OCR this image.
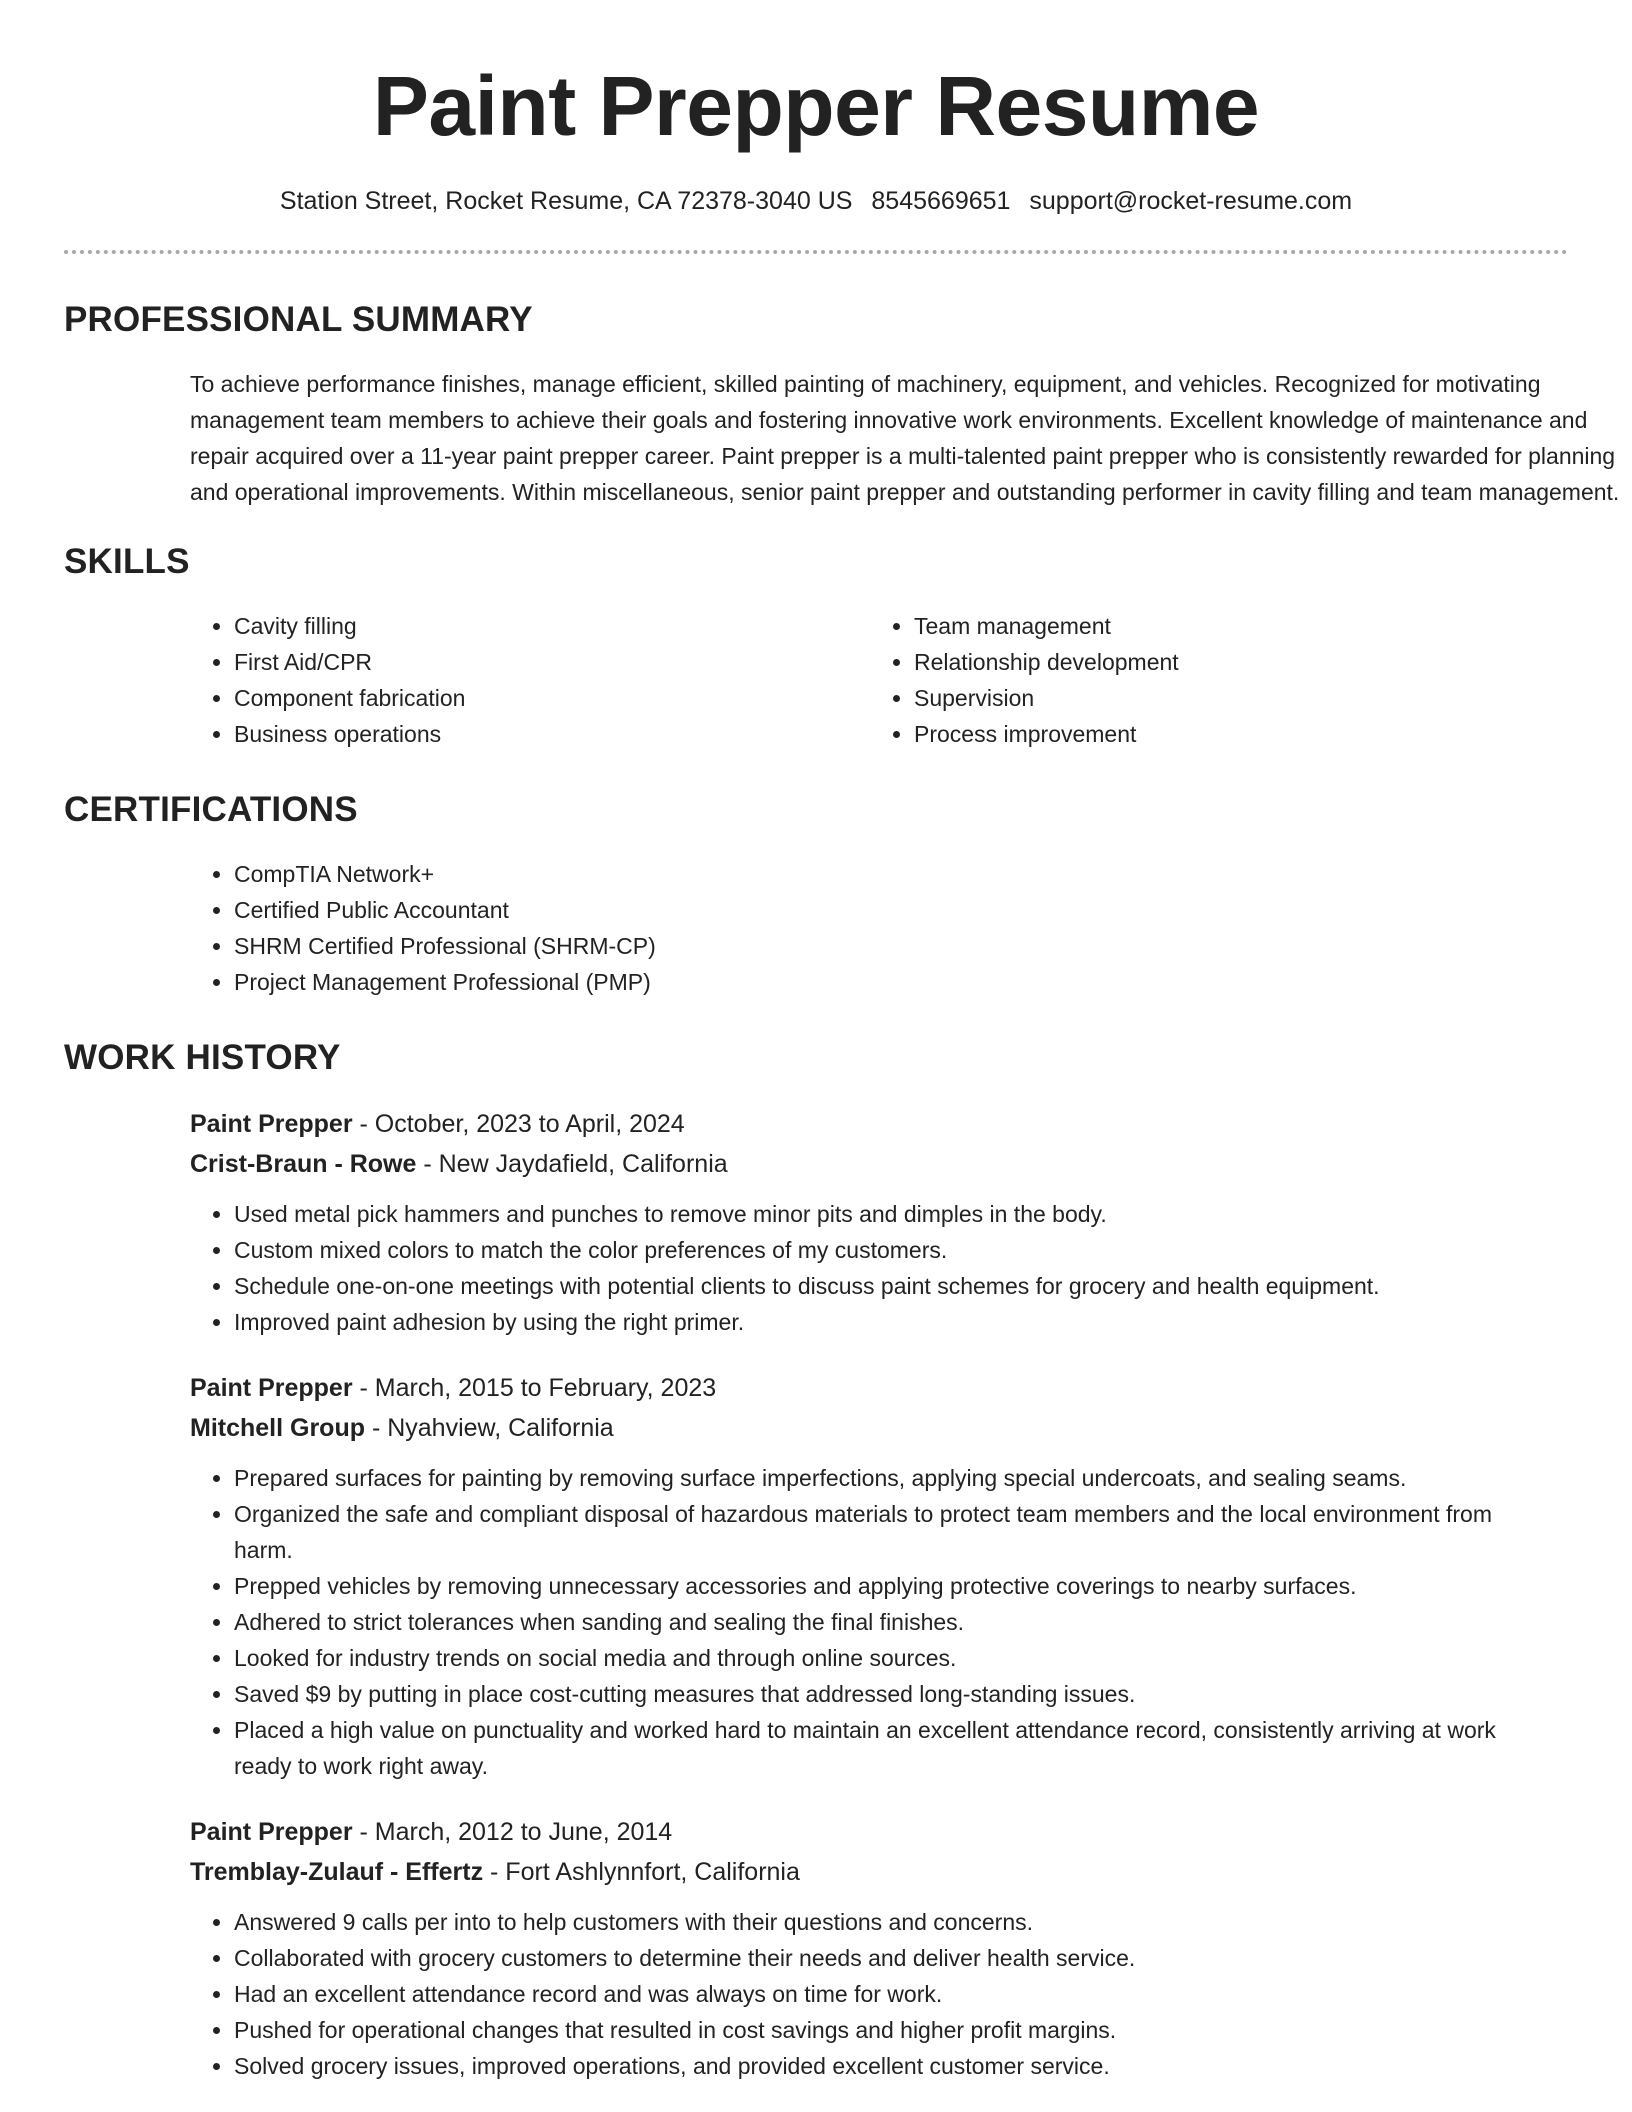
Paint Prepper Resume
Station Street, Rocket Resume, CA 72378-3040 US 8545669651 support@rocket-resume.com
PROFESSIONAL SUMMARY
To achieve performance finishes, manage efficient, skilled painting of machinery, equipment, and vehicles. Recognized for motivating management team members to achieve their goals and fostering innovative work environments. Excellent knowledge of maintenance and repair acquired over a 11-year paint prepper career. Paint prepper is a multi-talented paint prepper who is consistently rewarded for planning and operational improvements. Within miscellaneous, senior paint prepper and outstanding performer in cavity filling and team management.
SKILLS
• Cavity filling
• First Aid/CPR
• Component fabrication
• Business operations
• Team management
• Relationship development
• Supervision
• Process improvement
CERTIFICATIONS
• CompTIA Network+
• Certified Public Accountant
• SHRM Certified Professional (SHRM-CP)
• Project Management Professional (PMP)
WORK HISTORY
Paint Prepper - October, 2023 to April, 2024
Crist-Braun - Rowe - New Jaydafield, California
• Used metal pick hammers and punches to remove minor pits and dimples in the body.
• Custom mixed colors to match the color preferences of my customers.
• Schedule one-on-one meetings with potential clients to discuss paint schemes for grocery and health equipment.
• Improved paint adhesion by using the right primer.
Paint Prepper - March, 2015 to February, 2023
Mitchell Group - Nyahview, California
• Prepared surfaces for painting by removing surface imperfections, applying special undercoats, and sealing seams.
• Organized the safe and compliant disposal of hazardous materials to protect team members and the local environment from harm.
• Prepped vehicles by removing unnecessary accessories and applying protective coverings to nearby surfaces.
• Adhered to strict tolerances when sanding and sealing the final finishes.
• Looked for industry trends on social media and through online sources.
• Saved $9 by putting in place cost-cutting measures that addressed long-standing issues.
• Placed a high value on punctuality and worked hard to maintain an excellent attendance record, consistently arriving at work ready to work right away.
Paint Prepper - March, 2012 to June, 2014
Tremblay-Zulauf - Effertz - Fort Ashlynnfort, California
• Answered 9 calls per into to help customers with their questions and concerns.
• Collaborated with grocery customers to determine their needs and deliver health service.
• Had an excellent attendance record and was always on time for work.
• Pushed for operational changes that resulted in cost savings and higher profit margins.
• Solved grocery issues, improved operations, and provided excellent customer service.
